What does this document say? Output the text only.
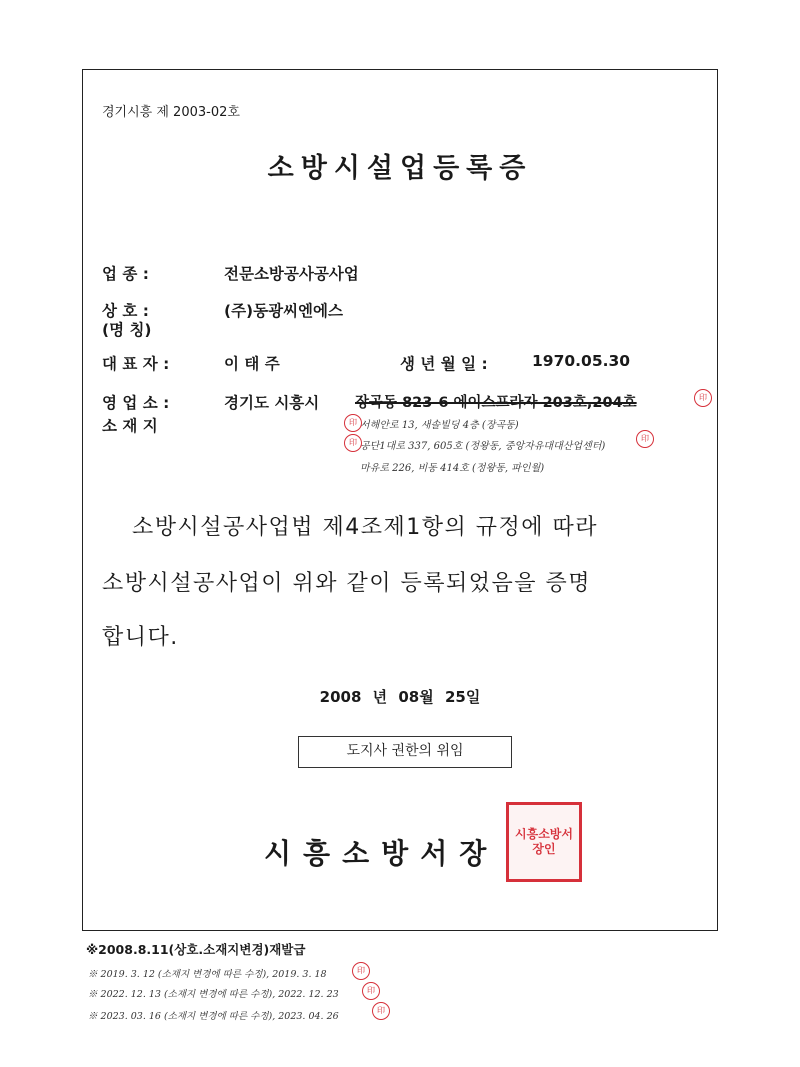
경기시흥 제 2003-02호
소방시설업등록증
업 종 :	전문소방공사공사업
상 호 :
(명 칭)
(주)동광씨엔에스
대 표 자 :	이 태 주	생 년 월 일 :	1970.05.30
영 업 소 :
소 재 지
경기도 시흥시 장곡동 823-6 에이스프라자 203호,204호	印
서해안로 13, 새솔빌딩 4층 (장곡동)
印
공단1대로 337, 605호 (정왕동, 중앙자유대대산업센터)
印	印
마유로 226, 비동 414호 (정왕동, 파인월)
소방시설공사업법 제4조제1항의 규정에 따라
소방시설공사업이 위와 같이 등록되었음을 증명
합니다.
2008 년 08월 25일
도지사 권한의 위임
시흥소방서장
시흥소방서장인
※2008.8.11(상호.소재지변경)재발급
※ 2019. 3. 12 (소재지 변경에 따른 수정), 2019. 3. 18	印
※ 2022. 12. 13 (소재지 변경에 따른 수정), 2022. 12. 23	印
印
※ 2023. 03. 16 (소재지 변경에 따른 수정), 2023. 04. 26
